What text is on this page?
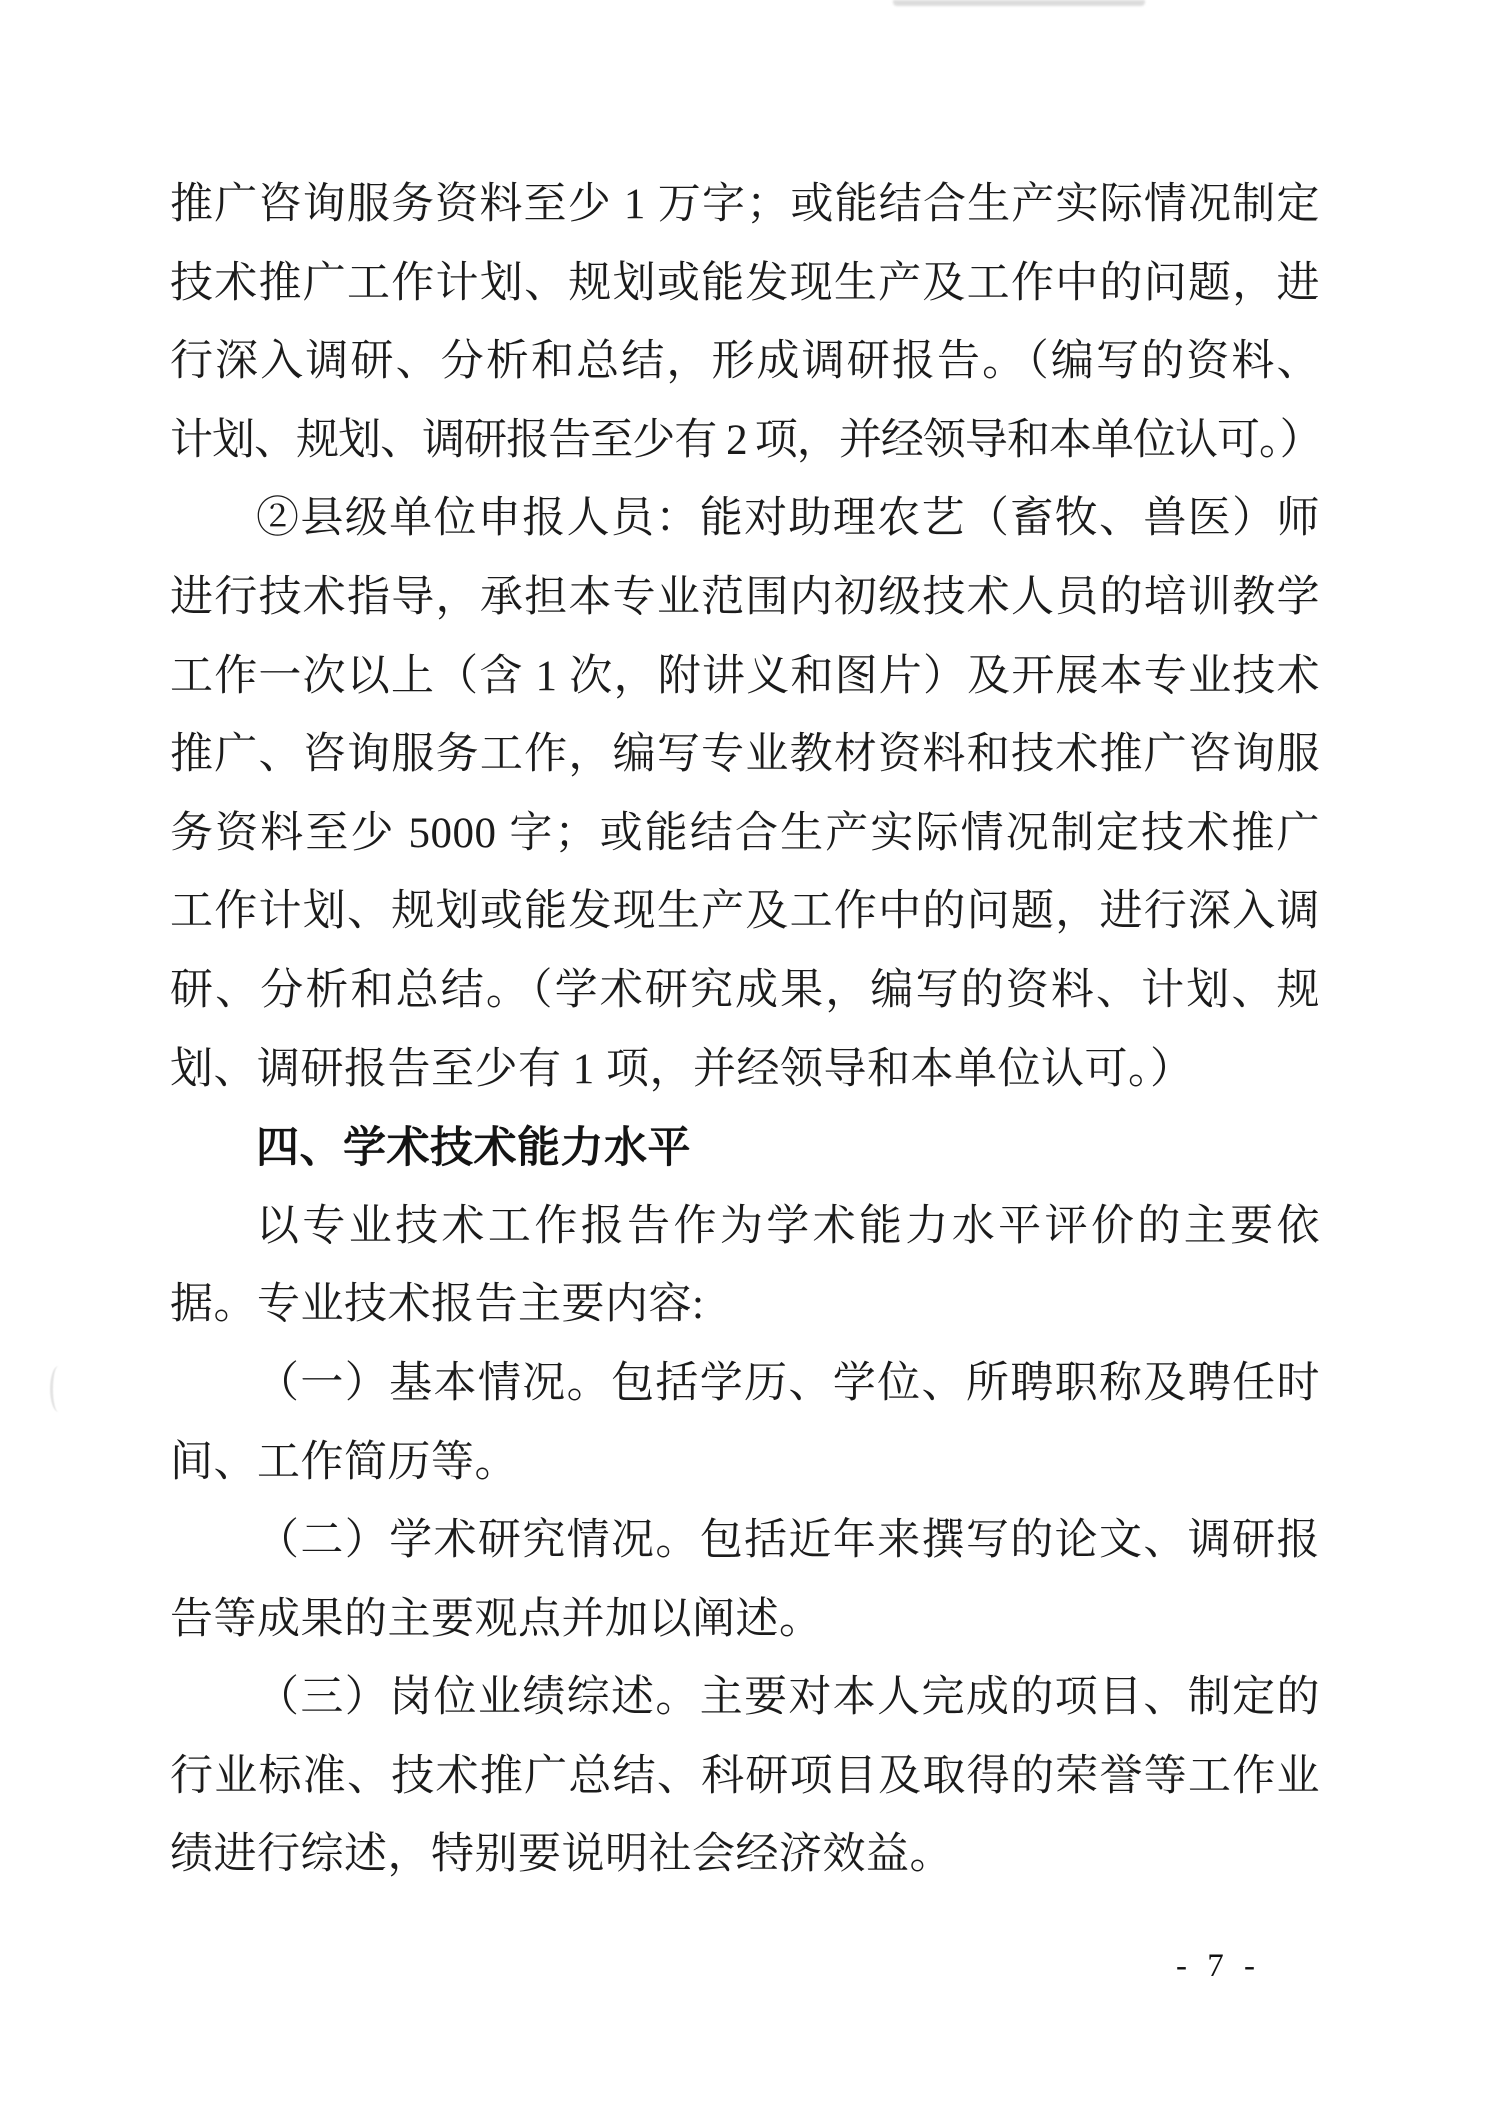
推广咨询服务资料至少 1 万字；或能结合生产实际情况制定
技术推广工作计划、规划或能发现生产及工作中的问题，进
行深入调研、分析和总结，形成调研报告。（编写的资料、
计划、规划、调研报告至少有 2 项，并经领导和本单位认可。）
②县级单位申报人员：能对助理农艺（畜牧、兽医）师
进行技术指导，承担本专业范围内初级技术人员的培训教学
工作一次以上（含 1 次，附讲义和图片）及开展本专业技术
推广、咨询服务工作，编写专业教材资料和技术推广咨询服
务资料至少 5000 字；或能结合生产实际情况制定技术推广
工作计划、规划或能发现生产及工作中的问题，进行深入调
研、分析和总结。（学术研究成果，编写的资料、计划、规
划、调研报告至少有 1 项，并经领导和本单位认可。）
四、学术技术能力水平
以专业技术工作报告作为学术能力水平评价的主要依
据。专业技术报告主要内容:
（一）基本情况。包括学历、学位、所聘职称及聘任时
间、工作简历等。
（二）学术研究情况。包括近年来撰写的论文、调研报
告等成果的主要观点并加以阐述。
（三）岗位业绩综述。主要对本人完成的项目、制定的
行业标准、技术推广总结、科研项目及取得的荣誉等工作业
绩进行综述，特别要说明社会经济效益。
- 7 -
